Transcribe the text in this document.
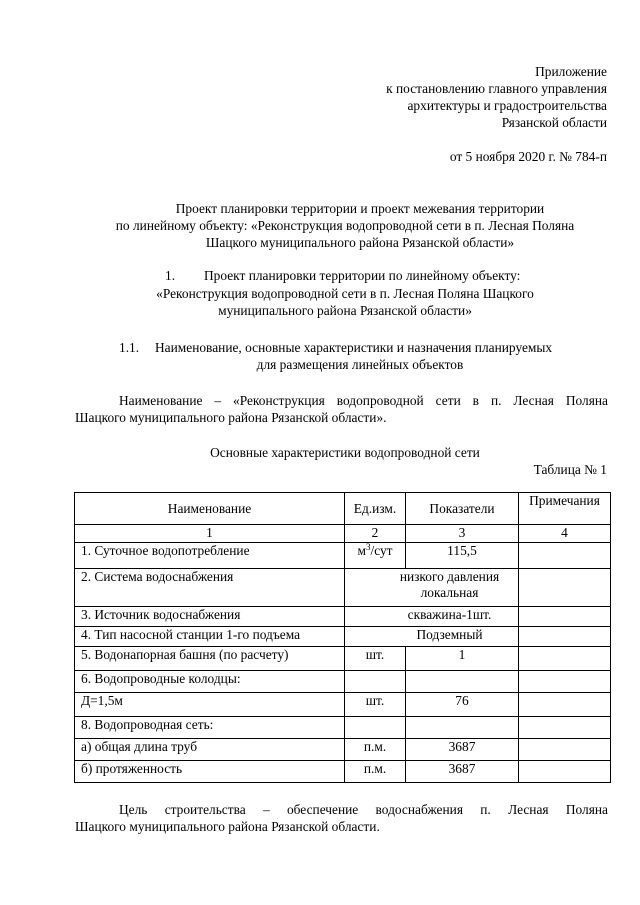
Приложение
к постановлению главного управления
архитектуры и градостроительства
Рязанской области
от 5 ноября 2020 г. № 784-п
Проект планировки территории и проект межевания территории
по линейному объекту: «Реконструкция водопроводной сети в п. Лесная Поляна
Шацкого муниципального района Рязанской области»
1. Проект планировки территории по линейному объекту:
«Реконструкция водопроводной сети в п. Лесная Поляна Шацкого
муниципального района Рязанской области»
1.1. Наименование, основные характеристики и назначения планируемых
для размещения линейных объектов
Наименование – «Реконструкция водопроводной сети в п. Лесная Поляна
Шацкого муниципального района Рязанской области».
Основные характеристики водопроводной сети
Таблица № 1
Наименование	Ед.изм.	Показатели	Примечания
1	2	3	4
1. Суточное водопотребление	$м^3$/сут	115,5	
2. Система водоснабжения	низкого давления
локальная		

3. Источник водоснабжения	скважина-1шт.		
4. Тип насосной станции 1-го подъема	Подземный		
5. Водонапорная башня (по расчету)	шт.	1	
6. Водопроводные колодцы:			
Д=1,5м	шт.	76	
8. Водопроводная сеть:			
а) общая длина труб	п.м.	3687	
б) протяженность	п.м.	3687	
Цель строительства – обеспечение водоснабжения п. Лесная Поляна
Шацкого муниципального района Рязанской области.
